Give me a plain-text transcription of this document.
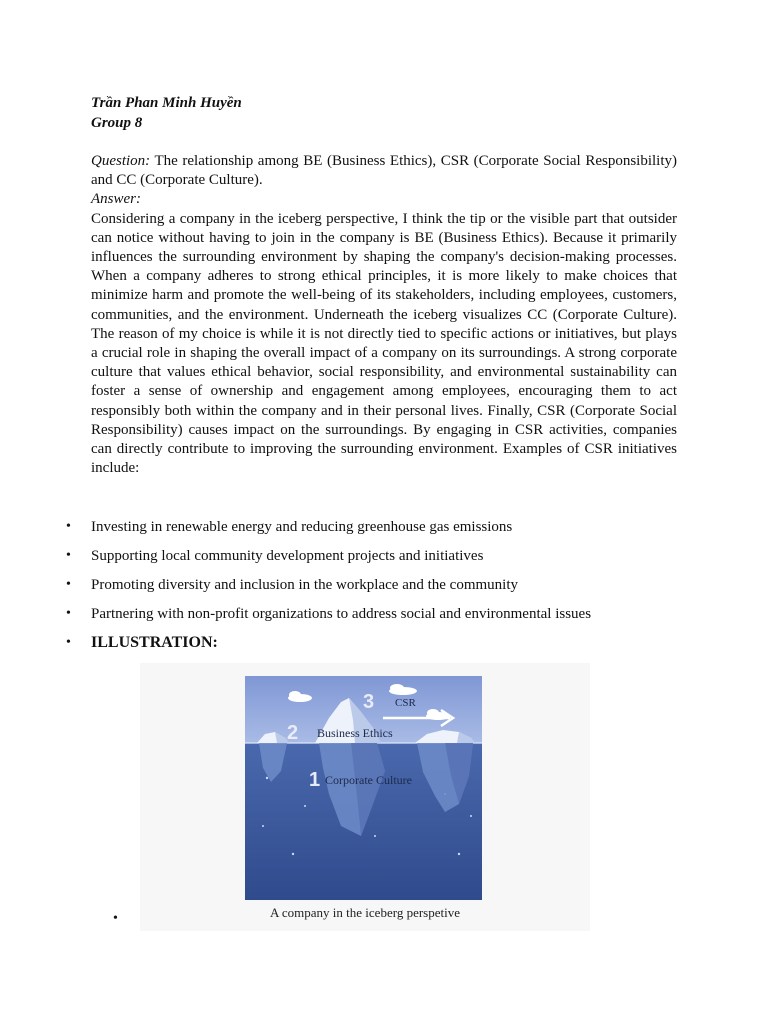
Trần Phan Minh Huyền
Group 8

Question: The relationship among BE (Business Ethics), CSR (Corporate Social Responsibility) and CC (Corporate Culture).

Answer:

Considering a company in the iceberg perspective, I think the tip or the visible part that outsider can notice without having to join in the company is BE (Business Ethics). Because it primarily influences the surrounding environment by shaping the company's decision-making processes. When a company adheres to strong ethical principles, it is more likely to make choices that minimize harm and promote the well-being of its stakeholders, including employees, customers, communities, and the environment. Underneath the iceberg visualizes CC (Corporate Culture). The reason of my choice is while it is not directly tied to specific actions or initiatives, but plays a crucial role in shaping the overall impact of a company on its surroundings. A strong corporate culture that values ethical behavior, social responsibility, and environmental sustainability can foster a sense of ownership and engagement among employees, encouraging them to act responsibly both within the company and in their personal lives. Finally, CSR (Corporate Social Responsibility) causes impact on the surroundings. By engaging in CSR activities, companies can directly contribute to improving the surrounding environment. Examples of CSR initiatives include:

• Investing in renewable energy and reducing greenhouse gas emissions
• Supporting local community development projects and initiatives
• Promoting diversity and inclusion in the workplace and the community
• Partnering with non-profit organizations to address social and environmental issues
• ILLUSTRATION:
3 CSR
2 Business Ethics
1 Corporate Culture
A company in the iceberg perspetive
•
